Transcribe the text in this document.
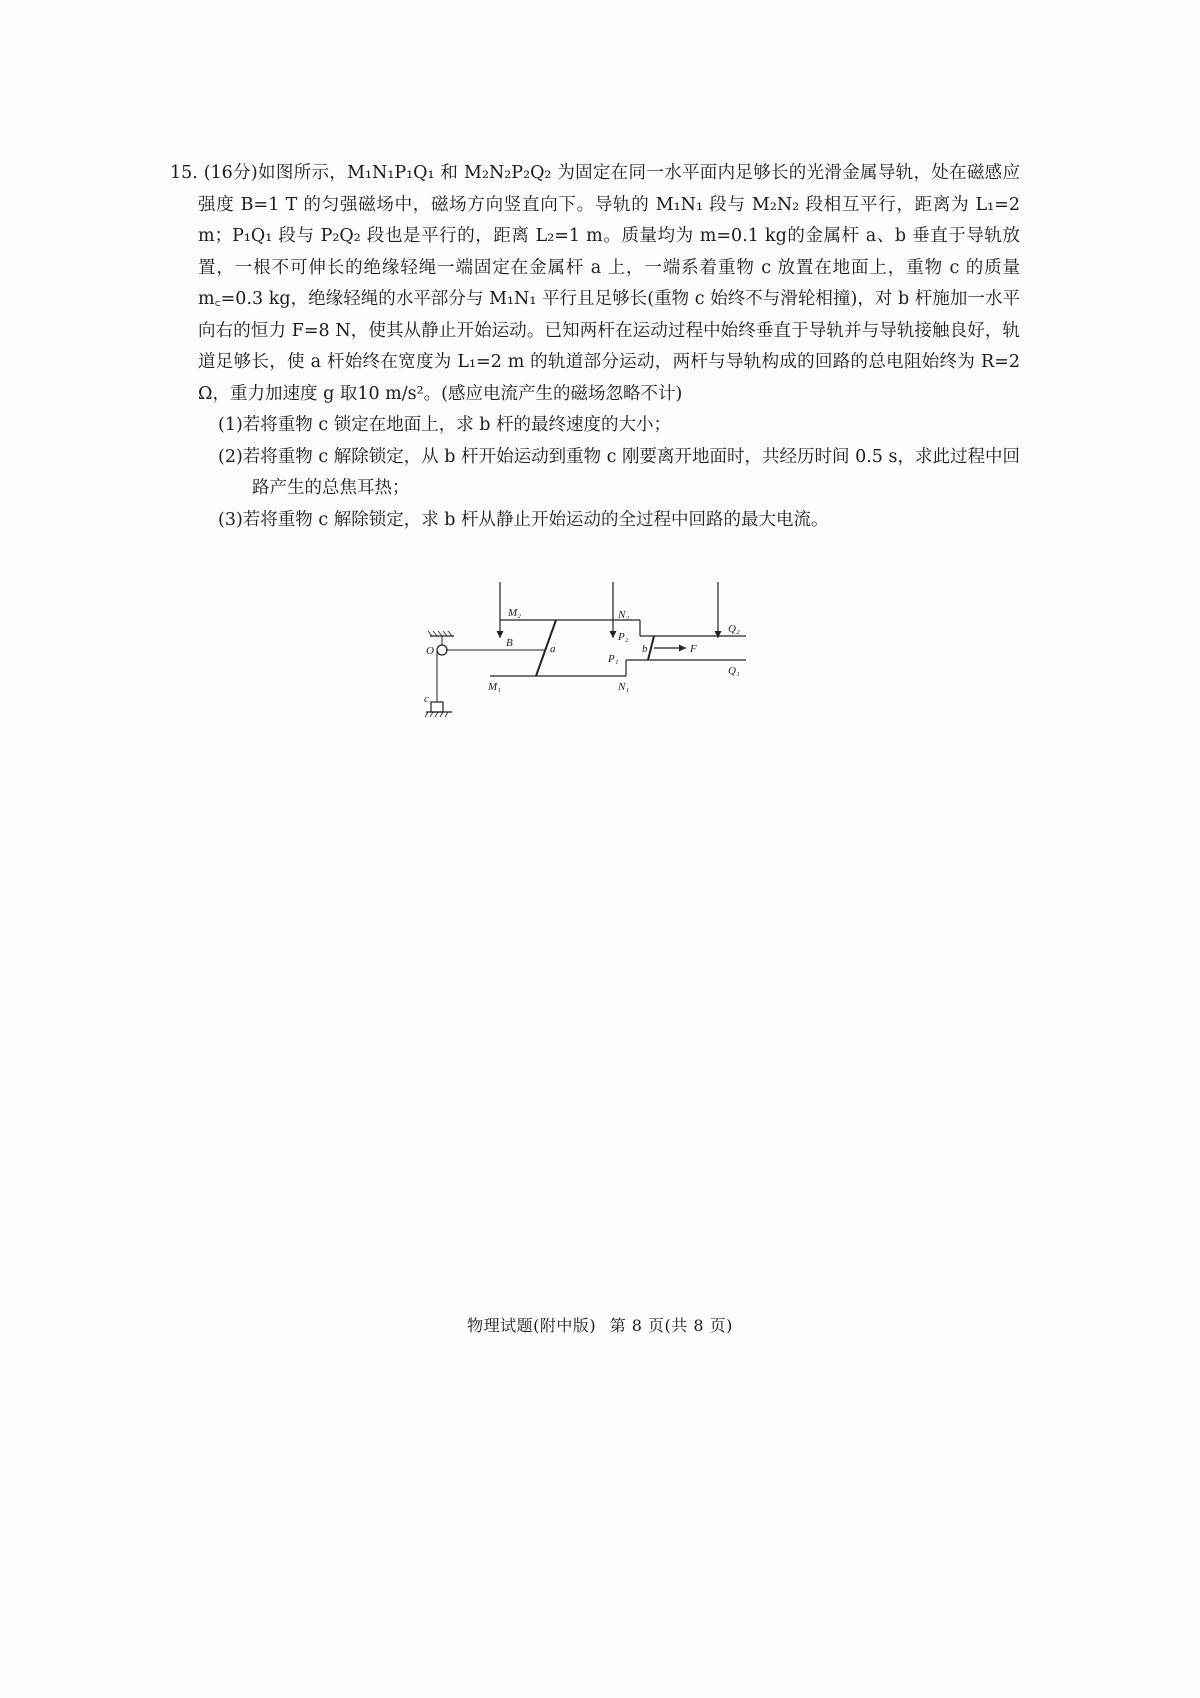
15. (16分)如图所示，M₁N₁P₁Q₁ 和 M₂N₂P₂Q₂ 为固定在同一水平面内足够长的光滑金属导轨，处在磁感应强度 B=1 T 的匀强磁场中，磁场方向竖直向下。导轨的 M₁N₁ 段与 M₂N₂ 段相互平行，距离为 L₁=2 m；P₁Q₁ 段与 P₂Q₂ 段也是平行的，距离 L₂=1 m。质量均为 m=0.1 kg的金属杆 a、b 垂直于导轨放置，一根不可伸长的绝缘轻绳一端固定在金属杆 a 上，一端系着重物 c 放置在地面上，重物 c 的质量 m꜀=0.3 kg，绝缘轻绳的水平部分与 M₁N₁ 平行且足够长(重物 c 始终不与滑轮相撞)，对 b 杆施加一水平向右的恒力 F=8 N，使其从静止开始运动。已知两杆在运动过程中始终垂直于导轨并与导轨接触良好，轨道足够长，使 a 杆始终在宽度为 L₁=2 m 的轨道部分运动，两杆与导轨构成的回路的总电阻始终为 R=2 Ω，重力加速度 g 取10 m/s²。(感应电流产生的磁场忽略不计)

(1)若将重物 c 锁定在地面上，求 b 杆的最终速度的大小；

(2)若将重物 c 解除锁定，从 b 杆开始运动到重物 c 刚要离开地面时，共经历时间 0.5 s，求此过程中回路产生的总焦耳热；

(3)若将重物 c 解除锁定，求 b 杆从静止开始运动的全过程中回路的最大电流。

M₂	N₂
P₂
Q₂
M₁	N₁
P₁
Q₁
B
O	a	b
c
F
物理试题(附中版) 第 8 页(共 8 页)
